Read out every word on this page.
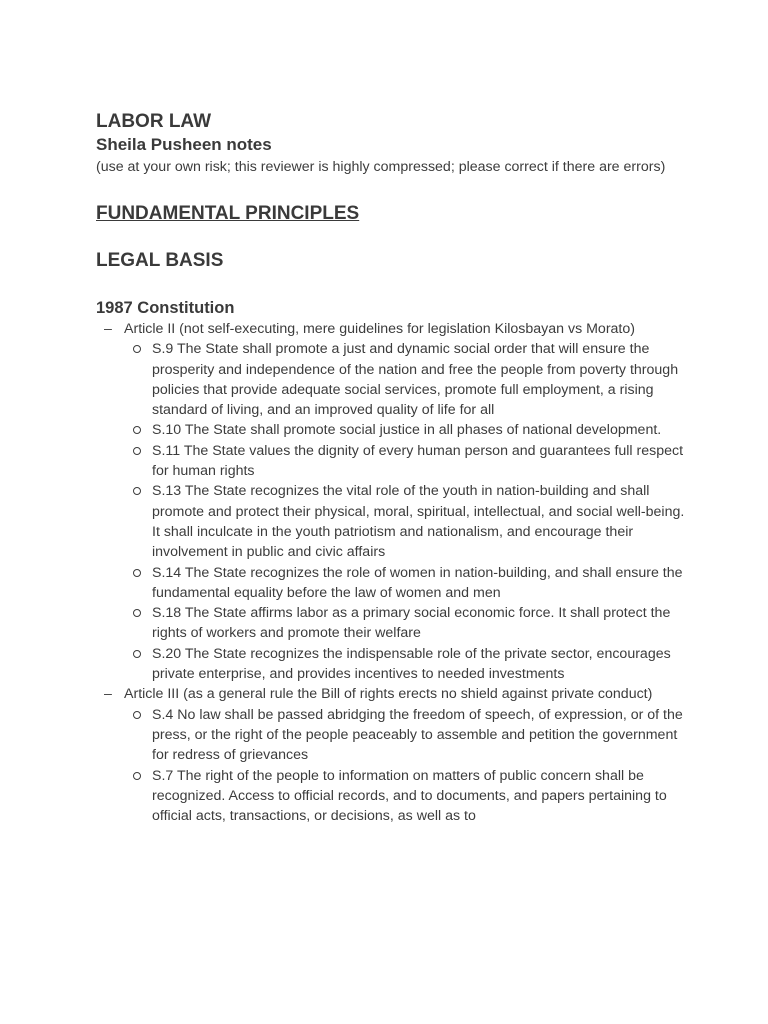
LABOR LAW
Sheila Pusheen notes

(use at your own risk; this reviewer is highly compressed; please correct if there are errors)

FUNDAMENTAL PRINCIPLES
LEGAL BASIS
1987 Constitution
– Article II (not self-executing, mere guidelines for legislation Kilosbayan vs Morato)
S.9 The State shall promote a just and dynamic social order that will ensure the prosperity and independence of the nation and free the people from poverty through policies that provide adequate social services, promote full employment, a rising standard of living, and an improved quality of life for all
S.10 The State shall promote social justice in all phases of national development.
S.11 The State values the dignity of every human person and guarantees full respect for human rights
S.13 The State recognizes the vital role of the youth in nation-building and shall promote and protect their physical, moral, spiritual, intellectual, and social well-being. It shall inculcate in the youth patriotism and nationalism, and encourage their involvement in public and civic affairs
S.14 The State recognizes the role of women in nation-building, and shall ensure the fundamental equality before the law of women and men
S.18 The State affirms labor as a primary social economic force. It shall protect the rights of workers and promote their welfare
S.20 The State recognizes the indispensable role of the private sector, encourages private enterprise, and provides incentives to needed investments
– Article III (as a general rule the Bill of rights erects no shield against private conduct)
S.4 No law shall be passed abridging the freedom of speech, of expression, or of the press, or the right of the people peaceably to assemble and petition the government for redress of grievances
S.7 The right of the people to information on matters of public concern shall be recognized. Access to official records, and to documents, and papers pertaining to official acts, transactions, or decisions, as well as to
